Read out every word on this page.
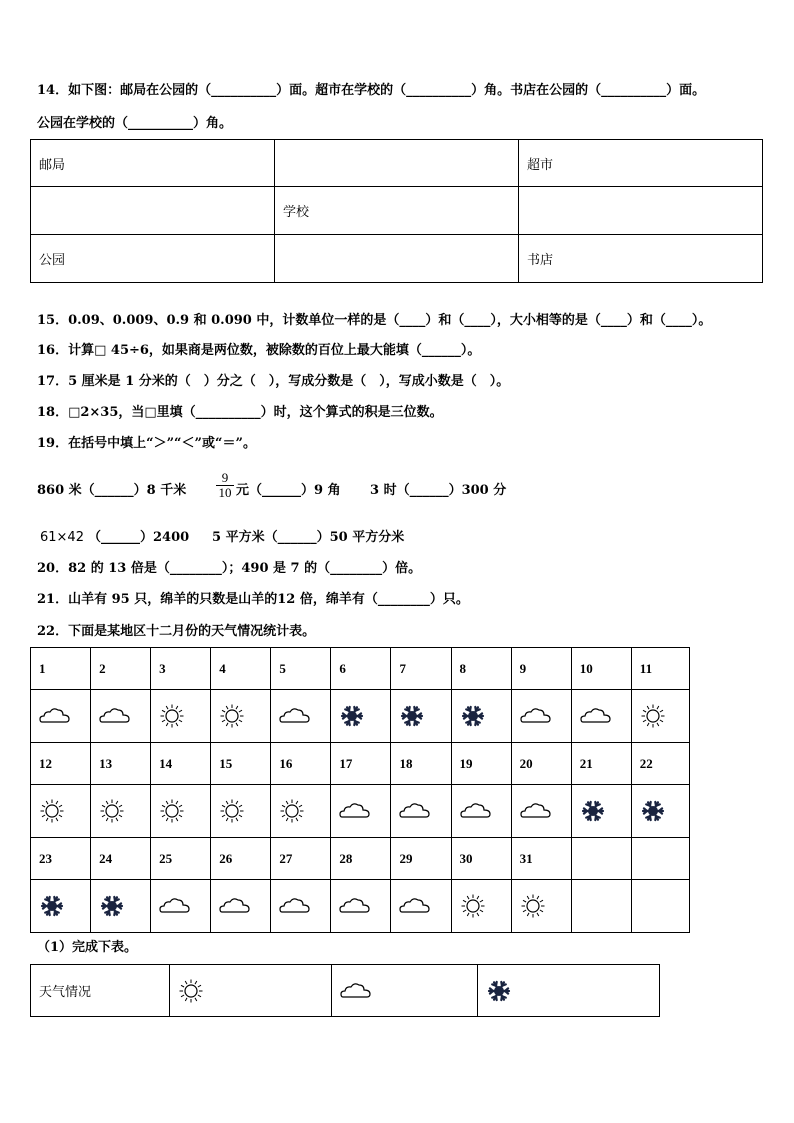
14．如下图：邮局在公园的（__________）面。超市在学校的（__________）角。书店在公园的（__________）面。
公园在学校的（__________）角。
邮局		超市
	学校	
公园		书店
15．0.09、0.009、0.9 和 0.090 中，计数单位一样的是（____）和（____），大小相等的是（____）和（____）。
16．计算□ 45÷6，如果商是两位数，被除数的百位上最大能填（______）。
17．5 厘米是 1 分米的（　）分之（　），写成分数是（　），写成小数是（　）。
18．□2×35，当□里填（__________）时，这个算式的积是三位数。
19．在括号中填上“＞”“＜”或“＝”。
860 米（______）8 千米
9
10 元（______）9 角 3 时（______）300 分
61×42 （______）2400 5 平方米（______）50 平方分米
20．82 的 13 倍是（________）；490 是 7 的（________）倍。
21．山羊有 95 只，绵羊的只数是山羊的12 倍，绵羊有（________）只。
22．下面是某地区十二月份的天气情况统计表。
1	2	3	4	5	6	7	8	9	10	11

12	13	14	15	16	17	18	19	20	21	22

23	24	25	26	27	28	29	30	31		

（1）完成下表。
天气情况	
